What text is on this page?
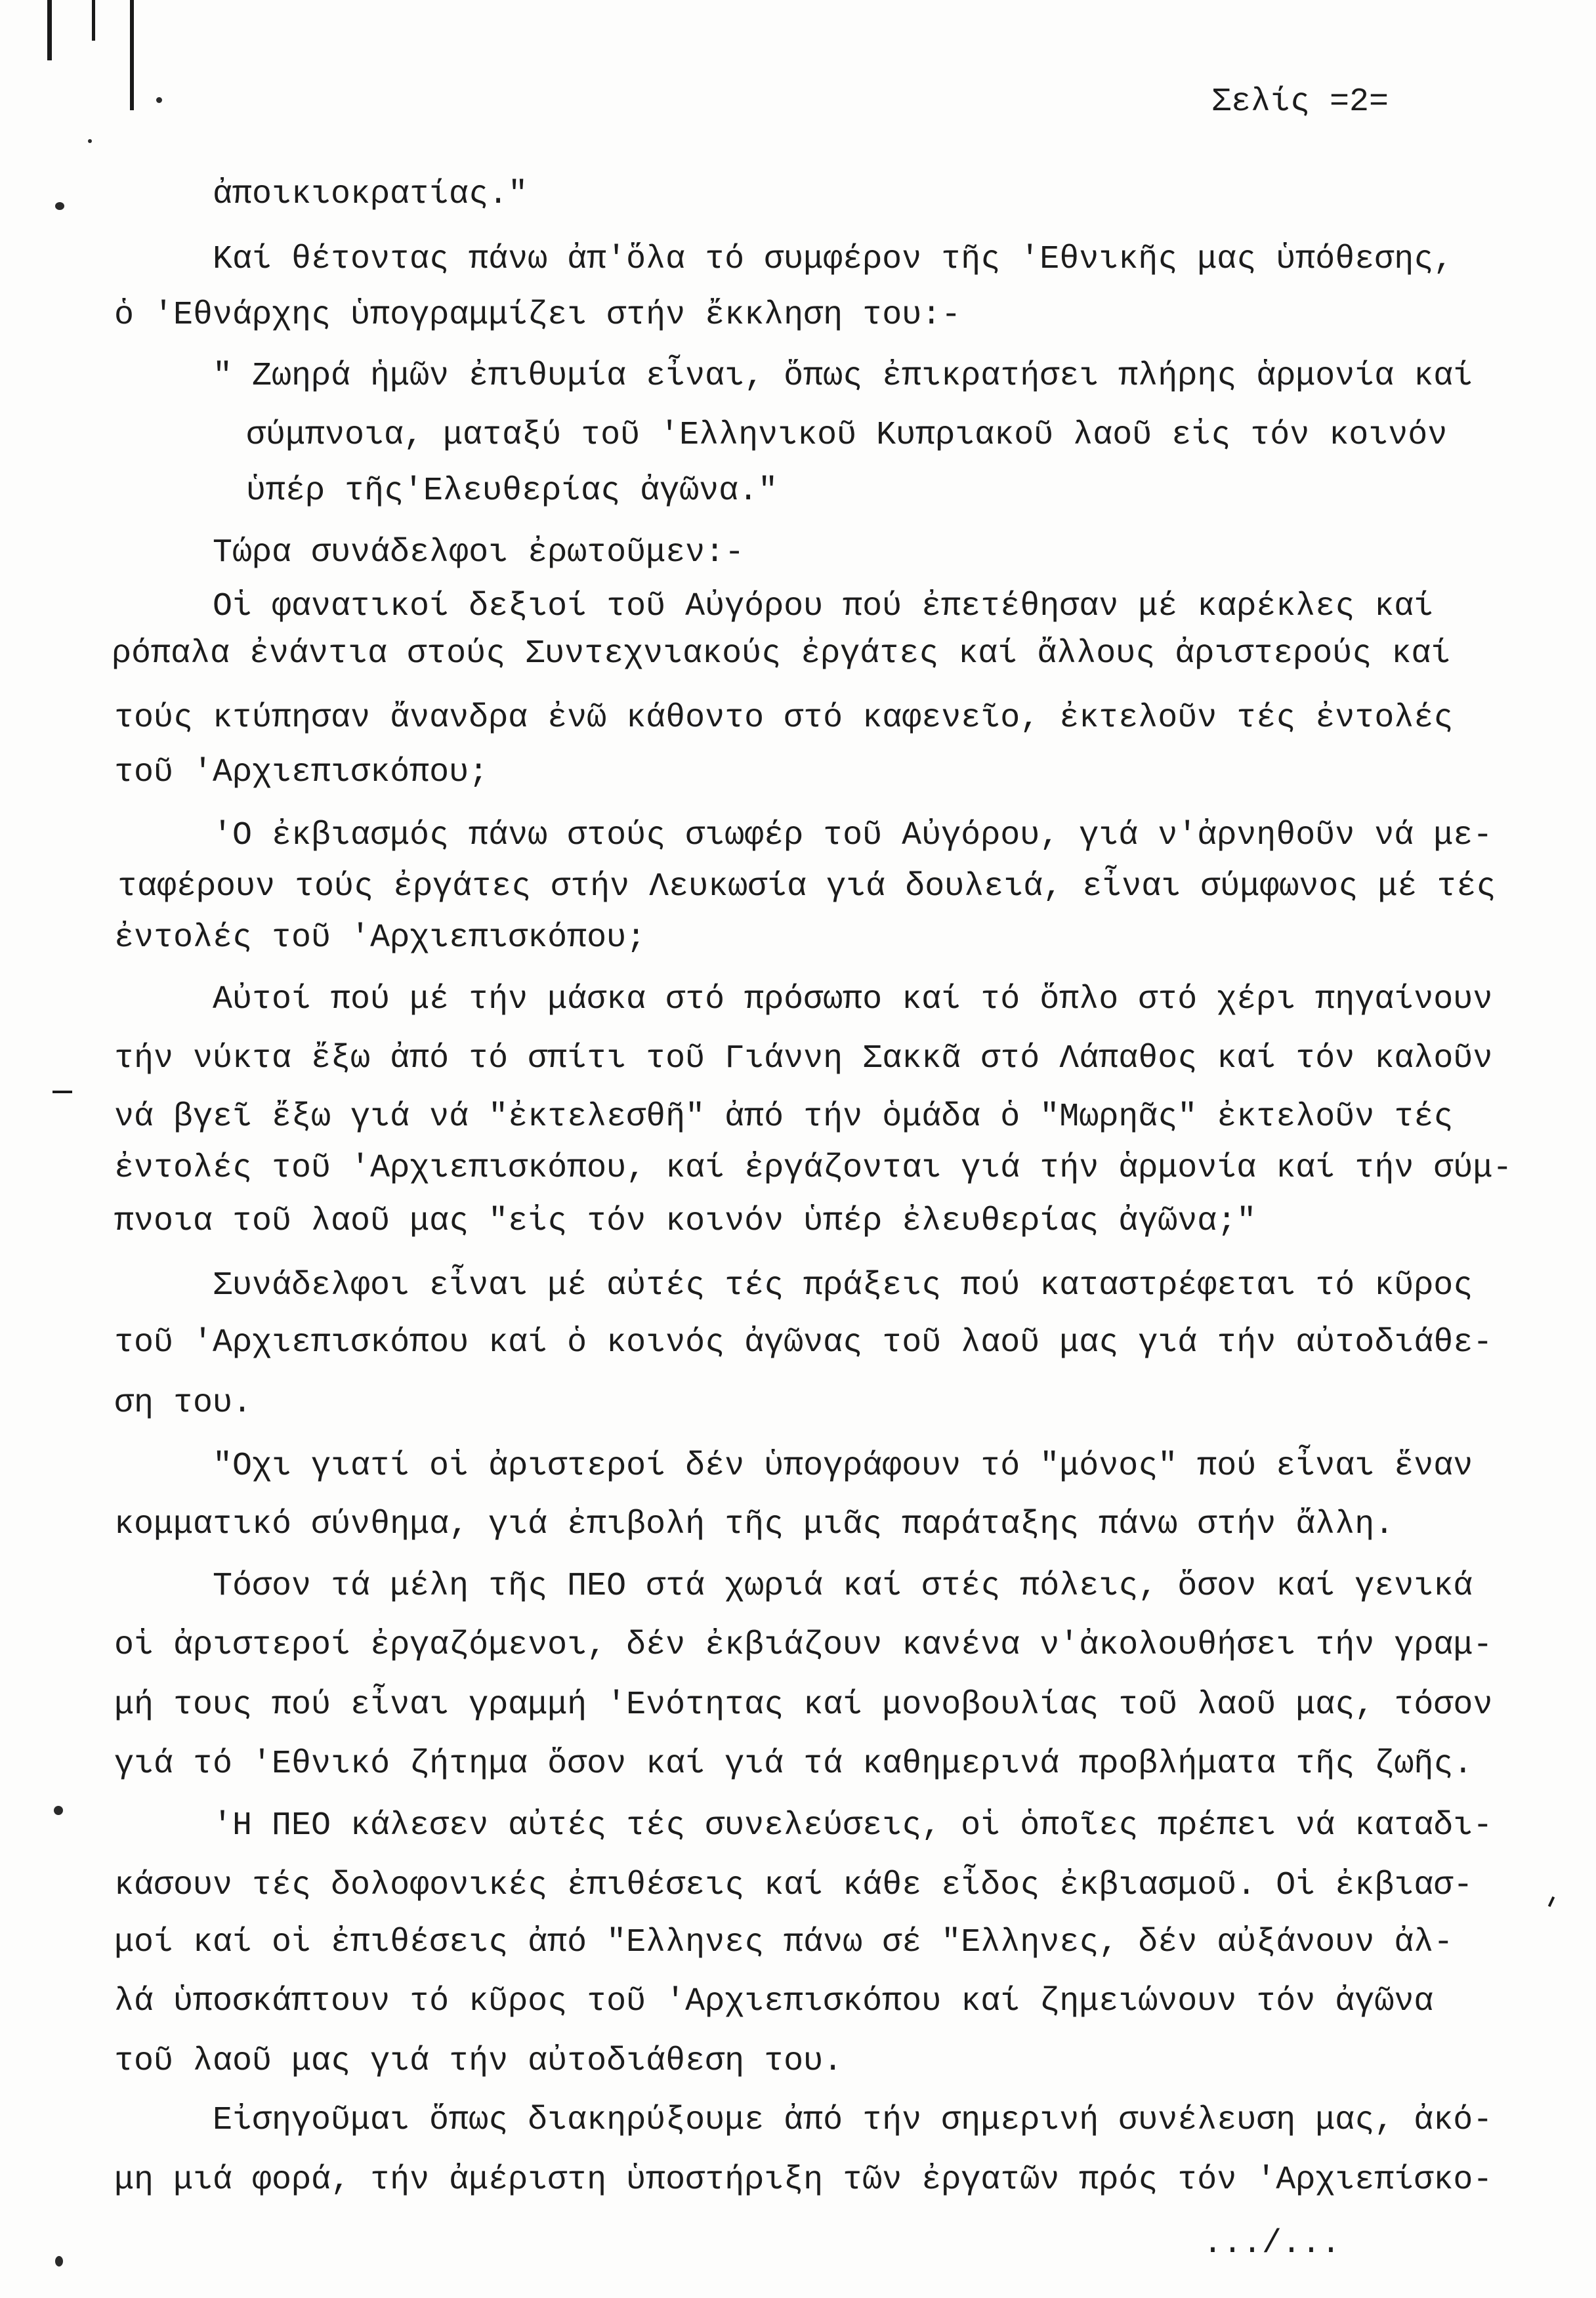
Σελίς =2=
ἀποικιοκρατίας."
Καί θέτοντας πάνω ἀπ'ὅλα τό συμφέρον τῆς 'Εθνικῆς μας ὑπόθεσης,
ὁ 'Εθνάρχης ὑπογραμμίζει στήν ἔκκληση του:-
" Ζωηρά ἡμῶν ἐπιθυμία εἶναι, ὅπως ἐπικρατήσει πλήρης ἁρμονία καί
σύμπνοια, ματαξύ τοῦ 'Ελληνικοῦ Κυπριακοῦ λαοῦ εἰς τόν κοινόν
ὑπέρ τῆς'Ελευθερίας ἀγῶνα."
Τώρα συνάδελφοι ἐρωτοῦμεν:-
Οἱ φανατικοί δεξιοί τοῦ Αὐγόρου πού ἐπετέθησαν μέ καρέκλες καί
ρόπαλα ἐνάντια στούς Συντεχνιακούς ἐργάτες καί ἄλλους ἀριστερούς καί
τούς κτύπησαν ἄνανδρα ἐνῶ κάθοντο στό καφενεῖο, ἐκτελοῦν τές ἐντολές
τοῦ 'Αρχιεπισκόπου;
'Ο ἐκβιασμός πάνω στούς σιωφέρ τοῦ Αὐγόρου, γιά ν'ἀρνηθοῦν νά με-
ταφέρουν τούς ἐργάτες στήν Λευκωσία γιά δουλειά, εἶναι σύμφωνος μέ τές
ἐντολές τοῦ 'Αρχιεπισκόπου;
Αὐτοί πού μέ τήν μάσκα στό πρόσωπο καί τό ὅπλο στό χέρι πηγαίνουν
τήν νύκτα ἔξω ἀπό τό σπίτι τοῦ Γιάννη Σακκᾶ στό Λάπαθος καί τόν καλοῦν
νά βγεῖ ἔξω γιά νά "ἐκτελεσθῆ" ἀπό τήν ὁμάδα ὁ "Μωρηᾶς" ἐκτελοῦν τές
ἐντολές τοῦ 'Αρχιεπισκόπου, καί ἐργάζονται γιά τήν ἁρμονία καί τήν σύμ-
πνοια τοῦ λαοῦ μας "εἰς τόν κοινόν ὑπέρ ἐλευθερίας ἀγῶνα;"
Συνάδελφοι εἶναι μέ αὐτές τές πράξεις πού καταστρέφεται τό κῦρος
τοῦ 'Αρχιεπισκόπου καί ὁ κοινός ἀγῶνας τοῦ λαοῦ μας γιά τήν αὐτοδιάθε-
ση του.
"Οχι γιατί οἱ ἀριστεροί δέν ὑπογράφουν τό "μόνος" πού εἶναι ἕναν
κομματικό σύνθημα, γιά ἐπιβολή τῆς μιᾶς παράταξης πάνω στήν ἄλλη.
Τόσον τά μέλη τῆς ΠΕΟ στά χωριά καί στές πόλεις, ὅσον καί γενικά
οἱ ἀριστεροί ἐργαζόμενοι, δέν ἐκβιάζουν κανένα ν'ἀκολουθήσει τήν γραμ-
μή τους πού εἶναι γραμμή 'Ενότητας καί μονοβουλίας τοῦ λαοῦ μας, τόσον
γιά τό 'Εθνικό ζήτημα ὅσον καί γιά τά καθημερινά προβλήματα τῆς ζωῆς.
'Η ΠΕΟ κάλεσεν αὐτές τές συνελεύσεις, οἱ ὁποῖες πρέπει νά καταδι-
κάσουν τές δολοφονικές ἐπιθέσεις καί κάθε εἶδος ἐκβιασμοῦ. Οἱ ἐκβιασ-
μοί καί οἱ ἐπιθέσεις ἀπό "Ελληνες πάνω σέ "Ελληνες, δέν αὐξάνουν ἀλ-
λά ὑποσκάπτουν τό κῦρος τοῦ 'Αρχιεπισκόπου καί ζημειώνουν τόν ἀγῶνα
τοῦ λαοῦ μας γιά τήν αὐτοδιάθεση του.
Εἰσηγοῦμαι ὅπως διακηρύξουμε ἀπό τήν σημερινή συνέλευση μας, ἀκό-
μη μιά φορά, τήν ἀμέριστη ὑποστήριξη τῶν ἐργατῶν πρός τόν 'Αρχιεπίσκο-
.../...
